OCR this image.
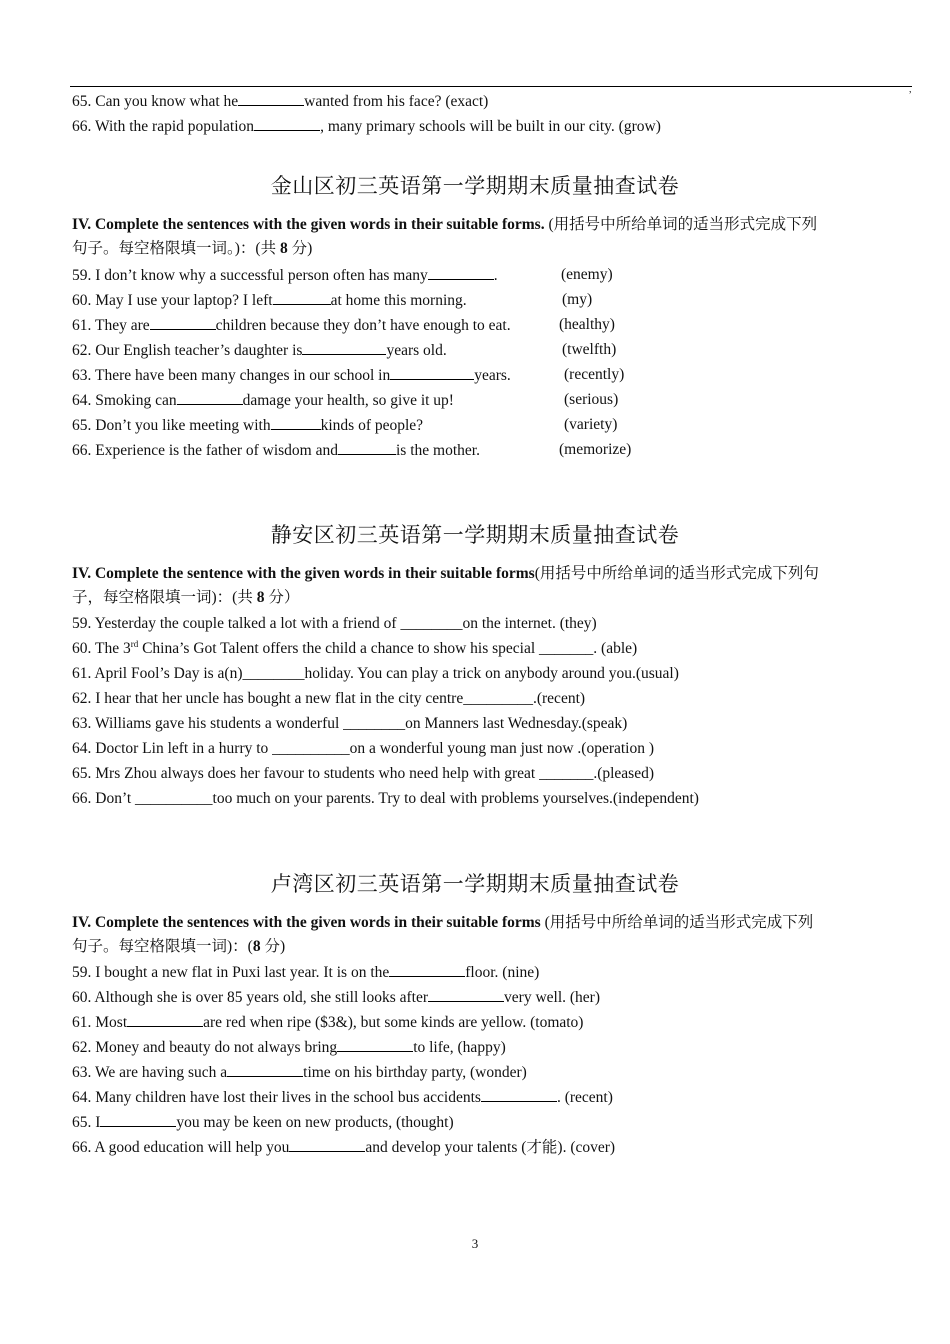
,
65. Can you know what he	wanted from his face? (exact)
66. With the rapid population	, many primary schools will be built in our city. (grow)
金山区初三英语第一学期期末质量抽查试卷
IV. Complete the sentences with the given words in their suitable forms. (用括号中所给单词的适当形式完成下列
句子。每空格限填一词。)：(共 8 分)
59. I don’t know why a successful person often has many	.	(enemy)
60. May I use your laptop? I left	at home this morning.	(my)
61. They are	children because they don’t have enough to eat.	(healthy)
62. Our English teacher’s daughter is	years old.	(twelfth)
63. There have been many changes in our school in	years.	(recently)
64. Smoking can	damage your health, so give it up!	(serious)
65. Don’t you like meeting with	kinds of people?	(variety)
66. Experience is the father of wisdom and	is the mother.	(memorize)
静安区初三英语第一学期期末质量抽查试卷
IV. Complete the sentence with the given words in their suitable forms(用括号中所给单词的适当形式完成下列句
子，每空格限填一词)：(共 8 分）
59. Yesterday the couple talked a lot with a friend of ________on the internet. (they)
60. The 3rd China’s Got Talent offers the child a chance to show his special _______. (able)
61. April Fool’s Day is a(n)________holiday. You can play a trick on anybody around you.(usual)
62. I hear that her uncle has bought a new flat in the city centre_________.(recent)
63. Williams gave his students a wonderful ________on Manners last Wednesday.(speak)
64. Doctor Lin left in a hurry to __________on a wonderful young man just now .(operation )
65. Mrs Zhou always does her favour to students who need help with great _______.(pleased)
66. Don’t __________too much on your parents. Try to deal with problems yourselves.(independent)
卢湾区初三英语第一学期期末质量抽查试卷
IV. Complete the sentences with the given words in their suitable forms (用括号中所给单词的适当形式完成下列
句子。每空格限填一词)：(8 分)
59. I bought a new flat in Puxi last year. It is on the	floor. (nine)
60. Although she is over 85 years old, she still looks after	very well. (her)
61. Most	are red when ripe ($3&), but some kinds are yellow. (tomato)
62. Money and beauty do not always bring	to life, (happy)
63. We are having such a	time on his birthday party, (wonder)
64. Many children have lost their lives in the school bus accidents	. (recent)
65. I	you may be keen on new products, (thought)
66. A good education will help you	and develop your talents (才能). (cover)
3
